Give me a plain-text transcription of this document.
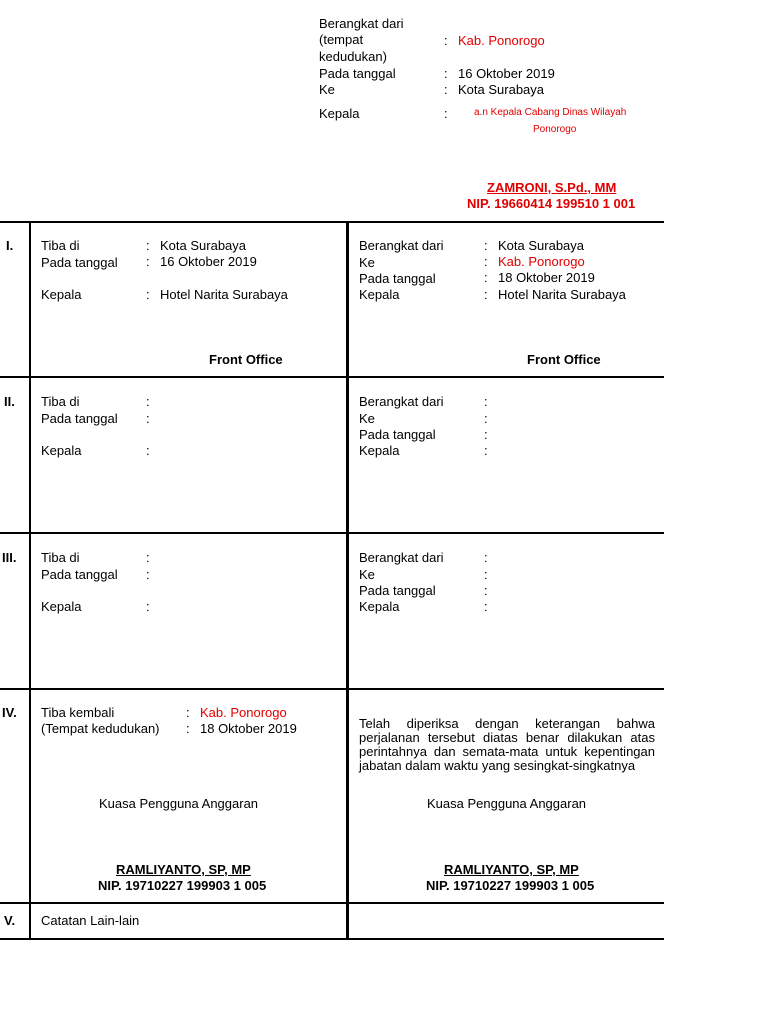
Berangkat dari
(tempat
kedudukan)
: Kab. Ponorogo
Pada tanggal	: 16 Oktober 2019
Ke	: Kota Surabaya
Kepala	:	a.n Kepala Cabang Dinas Wilayah
Ponorogo
ZAMRONI, S.Pd., MM
NIP. 19660414 199510 1 001
I. Tiba di	: Kota Surabaya
Pada tanggal : 16 Oktober 2019
Kepala	: Hotel Narita Surabaya
Front Office
Berangkat dari	: Kota Surabaya
Ke	: Kab. Ponorogo
Pada tanggal	: 18 Oktober 2019
Kepala	: Hotel Narita Surabaya
Front Office
II. Tiba di	:
Pada tanggal :
Kepala	:
Berangkat dari	:
Ke	:
Pada tanggal	:
Kepala	:
III. Tiba di	:
Pada tanggal :
Kepala	:
Berangkat dari	:
Ke	:
Pada tanggal	:
Kepala	:
IV. Tiba kembali	: Kab. Ponorogo
(Tempat kedudukan) : 18 Oktober 2019
Kuasa Pengguna Anggaran
RAMLIYANTO, SP, MP
NIP. 19710227 199903 1 005
Telah diperiksa dengan keterangan bahwa perjalanan tersebut diatas benar dilakukan atas perintahnya dan semata-mata untuk kepentingan jabatan dalam waktu yang sesingkat-singkatnya
Kuasa Pengguna Anggaran
RAMLIYANTO, SP, MP
NIP. 19710227 199903 1 005
V. Catatan Lain-lain
